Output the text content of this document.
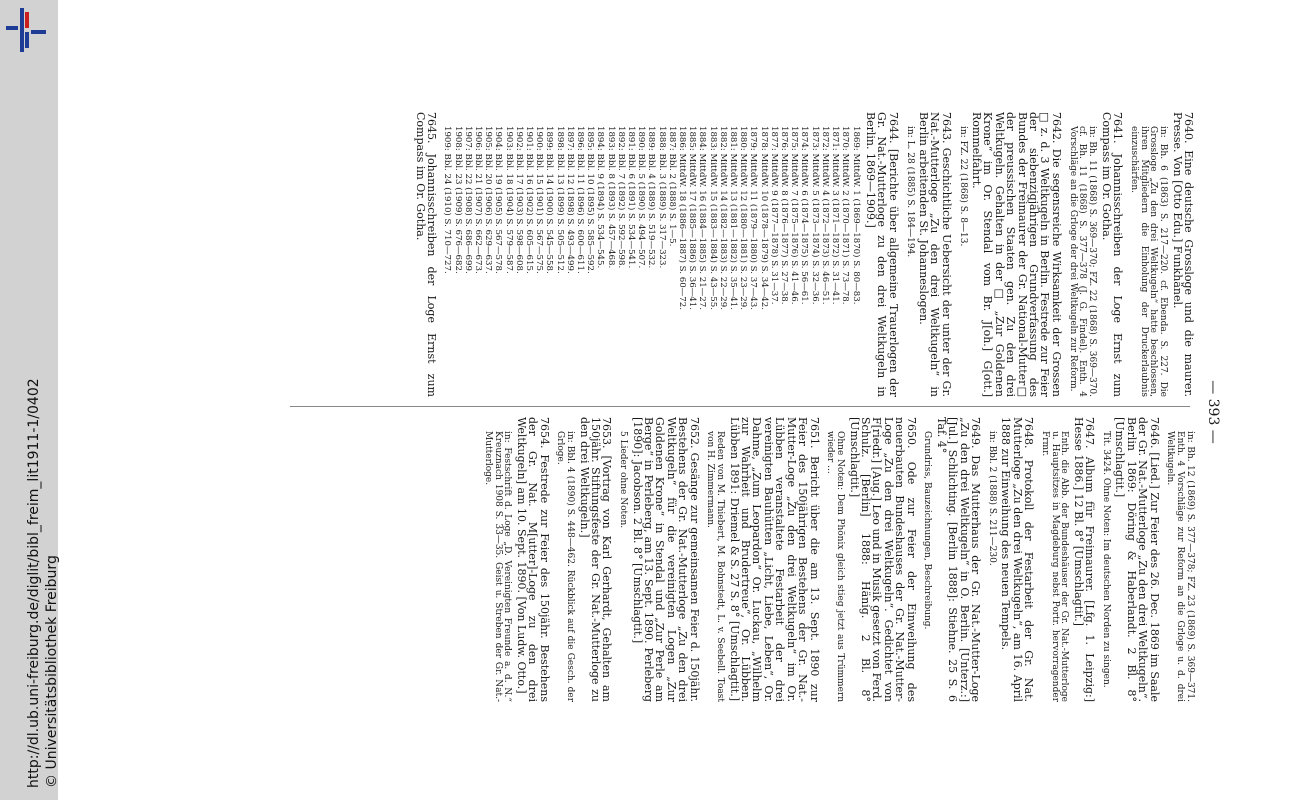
http://dl.ub.uni-freiburg.de/diglit/bibl_freim_lit1911-1/0402 © Universitätsbibliothek Freiburg
— 393 —

7640. Eine deutsche Grossloge und die maurer. Presse. Von [Otto Edu.] Funkhänel.

in: Bh. 6 (1863) S. 217—220. cf. Ebenda. S. 227. Die Grossloge „Zu den drei Weltkugeln“ hatte beschlossen, ihren Mitgliedern die Einholung der Druckerlaubnis einzuschärfen.

7641. Johannisschreiben der Loge Ernst zum Compass im Or. Gotha.

in: Bh. 11 (1868) S. 369—370; FZ. 22 (1868) S. 369—370. cf. Bh. 11 (1868) S. 377—378 (J. G. Findel). Enth. 4 Vorschläge an die Grloge der drei Weltkugeln zur Reform.

7642. Die segensreiche Wirksamkeit der Grossen □ z. d. 3 Weltkugeln in Berlin. Festrede zur Feier der siebenzigjährigen Grundverfassung des Bundes der Freimaurer der Gr. National-Mutter□ der preussischen Staaten gen. Zu den drei Weltkugeln. Gehalten in der □ „Zur Goldenen Krone“ im Or. Stendal vom Br. J[oh.] G[ott.] Rommelfahrt.

in: FZ. 22 (1868) S. 8—13.

7643. Geschichtliche Uebersicht der unter der Gr. Nat.-Mutterloge „Zu den drei Weltkugeln“ in Berlin arbeitenden St. Johanneslogen.

in: L. 28 (1885) S. 184—194.

7644. [Berichte über allgemeine Trauerlogen der Gr. Nat.-Mutterloge zu den drei Weltkugeln in Berlin. 1869—1909.]

1869: MittdW. 1 (1869—1870) S. 80—83.
1870: MittdW. 2 (1870—1871) S. 73—78.
1871: MittdW. 3 (1871—1872) S. 31—41.
1872: MittdW. 4 (1872—1873) S. 46—51.
1873: MittdW. 5 (1873—1874) S. 32—36.
1874: MittdW. 6 (1874—1875) S. 56—61.
1875: MittdW. 7 (1875—1876) S. 41—46.
1876: MittdW. 8 (1876—1877) S. 27—38.
1877: MittdW. 9 (1877—1878) S. 31—37.
1878: MittdW. 10 (1878—1879) S. 34—42.
1879: MittdW. 11 (1879—1880) S. 37—43.
1880: MittdW. 12 (1880—1881) S. 23—29.
1881: MittdW. 13 (1881—1882) S. 35—41.
1882: MittdW. 14 (1882—1883) S. 22—29.
1883: MittdW. 15 (1883—1884) S. 43—55.
1884: MittdW. 16 (1884—1885) S. 21—27.
1885: MittdW. 17 (1885—1886) S. 36—41.
1886: MittdW. 18 (1886—1887) S. 60—72.
1887: Bbl. 2 (1888) S. 1—5.
1888: Bbl. 3 (1889) S. 317—323.
1889: Bbl. 4 (1889) S. 519—532.
1890: Bbl. 5 (1890) S. 494—507.
1891: Bbl. 6 (1891) S. 534—541.
1892: Bbl. 7 (1892) S. 592—598.
1893: Bbl. 8 (1893) S. 457—468.
1894: Bbl. 9 (1894) S. 534—545.
1895: Bbl. 10 (1895) S. 585—592.
1896: Bbl. 11 (1896) S. 600—611.
1897: Bbl. 12 (1898) S. 493—499.
1898: Bbl. 13 (1899) S. 505—512.
1899: Bbl. 14 (1900) S. 545—558.
1900: Bbl. 15 (1901) S. 567—575.
1901: Bbl. 16 (1902) S. 605—615.
1902: Bbl. 17 (1903) S. 598—608.
1903: Bbl. 18 (1904) S. 579—587.
1904: Bbl. 19 (1905) S. 567—578.
1905: Bbl. 20 (1906) S. 629—637.
1906: Bbl. 21 (1907) S. 662—673.
1907: Bbl. 22 (1908) S. 686—699.
1908: Bbl. 23 (1909) S. 676—682.
1909: Bbl. 24 (1910) S. 710—727.

7645. Johannisschreiben der Loge Ernst zum Compass im Or. Gotha.

in: Bh. 12 (1869) S. 377—378; FZ. 23 (1869) S. 369—371. Enth. 4 Vorschläge zur Reform an die Grloge u. d. drei Weltkugeln.

7646. [Lied.] Zur Feier des 26. Dec. 1869 im Saale der Gr. Nat.-Mutterloge „Zu den drei Weltkugeln“. Berlin 1869: Döring & Haberlandt. 2 Bl. 8° [Umschlagtit.]

Tit. 3424. Ohne Noten: Im deutschen Norden zu singen.

7647. Album für Freimaurer. [Lfg. 1. Leipzig:] Hesse 1886.] 12 Bl. 8° [Umschlagtit.]

Enth. die Abb. der Bundeshäuser der Gr. Nat.-Mutterloge u. Hauptsitzes in Magdeburg nebst Portr. hervorragender Frmr.

7648. Protokoll der Festarbeit der Gr. Nat. Mutterloge „Zu den drei Weltkugeln“, am 16. April 1888 zur Einweihung des neuen Tempels.

in: Bbl. 2 (1888) S. 211—230.

7649. Das Mutterhaus der Gr. Nat.-Mutter-Loge „Zu den drei Weltkugeln“ in O. Berlin. [Unterz.:] [Jul.] Schlichting. [Berlin 1888]: Stiehne. 25 S. 6 Taf. 4°

Grundriss, Bauzeichnungen, Beschreibung.

7650. Ode zur Feier der Einweihung des neuerbauten Bundeshauses der Gr. Nat.-Mutter-Loge „Zu den drei Weltkugeln“. Gedichtet von F[riedr.] [Aug.] Leo und in Musik gesetzt von Ferd. Schulz. [Berlin] 1888: Hänig. 2 Bl. 8° [Umschlagtit.]

Ohne Noten: Dem Phönix gleich stieg jetzt aus Trümmern wieder ...

7651. Bericht über die am 13. Sept. 1890 zur Feier des 150jährigen Bestehens der Gr. Nat.-Mutter-Loge „Zu den drei Weltkugeln“ im Or. Lübben veranstaltete Festarbeit der drei vereinigten Bauhütten „Licht, Liebe, Leben“, Or. Dahme, „Zum Leopardon“ Or. Luckau, „Wilhelm zur Wahrheit und Brudertreue“, Or. Lübben. Lübben 1891: Driemel & S. 27 S. 8° [Umschlagtit.]

Reden von M. Thiebert, M. Bohnstedt, L. v. Seebell. Toast von H. Zimmermann.

7652. Gesänge zur gemeinsamen Feier d. 150jähr. Bestehens der Gr. Nat.-Mutterloge „Zu den drei Weltkugeln“ für die vereinigten Logen „Zur Goldenen Krone“ in Stendal und „Zur Perle am Berge“ in Perleberg, am 13. Sept. 1890. Perleberg [1890]: Jacobson. 2 Bl. 8° [Umschlagtit.]

5 Lieder ohne Noten.

7653. [Vortrag von Karl Gerhardt, Gehalten am 150jähr. Stiftungsfeste der Gr. Nat.-Mutterloge zu den drei Weltkugeln.]

in: Bbl. 4 (1890) S. 448—462. Rückblick auf die Gesch. der Grloge.

7654. Festrede zur Feier des 150jähr. Bestehens der Gr. Nat. M[utter]-Loge zu den drei Weltkugeln] am 10. Sept. 1890. [Von Ludw. Otto.]

in: Festschrift d. Loge „D. Vereinigten Freunde a. d. N.“ Kreuznach 1908 S. 33—35. Geist u. Streben der Gr. Nat.-Mutterloge.
